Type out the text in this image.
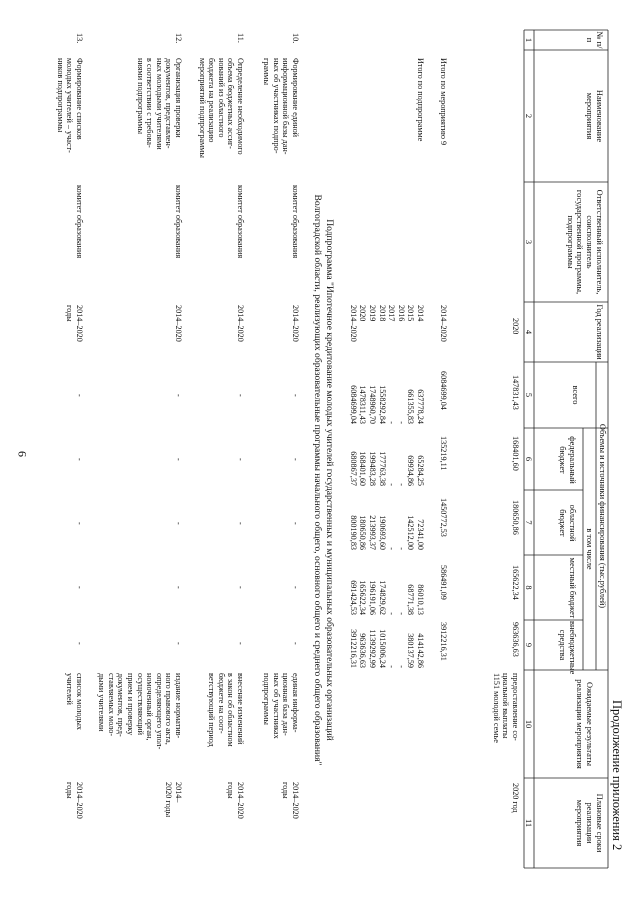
9
Продолжение приложения 2
№ п/п
Наименование мероприятия
Ответственный исполнитель, соисполнитель государственной программы, подпрограммы
Год реализации
Объемы и источники финансирования (тыс.рублей)
всего
в том числе
федеральный бюджет
областной бюджет
местный бюджет
внебюджетные средства
Ожидаемые результаты реализации мероприятия
Плановые сроки реализации мероприятия
1
2
3
4
5
6
7
8
9
10
11
2020
147831,43
168401,60
180650,86
165622,34
963636,63
предоставление со-
циальной выплаты
1151 молодой семье
2020 год
Итого по мероприятию 9
2014–2020
6084699,04
135219,11
1450772,53
586491,09
3912216,31
Итого по подпрограмме
2014
2015
2016
2017
2018
2019
2020
2014–2020
637778,24
661355,83
-
-
1558292,84
1748960,70
1478311,43
6084699,04
65284,25
69934,86
-
-
177763,38
199483,28
168401,60
680867,37
72341,00
142512,00
-
-
190693,60
213993,37
180650,86
800190,83
86010,13
68771,38
-
-
174829,62
196191,06
165622,34
691424,53
414142,86
380137,59
-
-
1015006,24
1139292,99
963636,63
3912216,31
Подпрограмма "Ипотечное кредитование молодых учителей государственных и муниципальных образовательных организаций
Волгоградской области, реализующих образовательные программы начального общего, основного общего и среднего общего образования"
10.
Формирование единой
информационной базы дан-
ных об участниках подпро-
граммы
комитет образования
2014–2020
-
-
-
-
-
единая информа-
ционная база дан-
ных об участниках
подпрограммы
2014–2020
годы
11.
Определение необходимого
объема бюджетных ассиг-
нований из областного
бюджета на реализацию
мероприятий подпрограммы
комитет образования
2014–2020
-
-
-
-
-
внесение изменений
в закон об областном
бюджете на соот-
ветствующий период
2014–2020
годы
12.
Организация проверки
документов, представлен-
ных молодыми учителями
в соответствии с требова-
ниями подпрограммы
комитет образования
2014–2020
-
-
-
-
-
издание норматив-
ного правового акта,
определяющего упол-
номоченный орган,
осуществляющий
прием и проверку
документов, пред-
ставляемых моло-
дыми учителями
2014–
2020 годы
13.
Формирование списков
молодых учителей – участ-
ников подпрограммы
комитет образования
2014–2020 годы
-
-
-
-
-
список молодых
учителей
2014–2020
годы
